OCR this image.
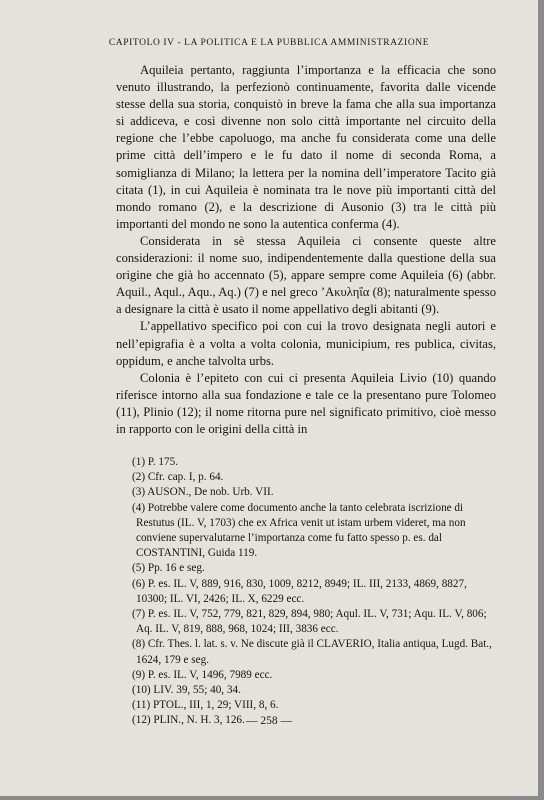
CAPITOLO IV - LA POLITICA E LA PUBBLICA AMMINISTRAZIONE

Aquileia pertanto, raggiunta l’importanza e la efficacia che sono venuto illustrando, la perfezionò continuamente, favorita dalle vicende stesse della sua storia, conquistò in breve la fama che alla sua importanza si addiceva, e così divenne non solo città importante nel circuito della regione che l’ebbe capoluogo, ma anche fu considerata come una delle prime città dell’impero e le fu dato il nome di seconda Roma, a somiglianza di Milano; la lettera per la nomina dell’imperatore Tacito già citata (1), in cui Aquileia è nominata tra le nove più importanti città del mondo romano (2), e la descrizione di Ausonio (3) tra le città più importanti del mondo ne sono la autentica conferma (4).

Considerata in sè stessa Aquileia ci consente queste altre considerazioni: il nome suo, indipendentemente dalla questione della sua origine che già ho accennato (5), appare sempre come Aquileia (6) (abbr. Aquil., Aqul., Aqu., Aq.) (7) e nel greco ’Ακυληΐα (8); naturalmente spesso a designare la città è usato il nome appellativo degli abitanti (9).

L’appellativo specifico poi con cui la trovo designata negli autori e nell’epigrafia è a volta a volta colonia, municipium, res publica, civitas, oppidum, e anche talvolta urbs.

Colonia è l’epiteto con cui ci presenta Aquileia Livio (10) quando riferisce intorno alla sua fondazione e tale ce la presentano pure Tolomeo (11), Plinio (12); il nome ritorna pure nel significato primitivo, cioè messo in rapporto con le origini della città in

(1) P. 175.

(2) Cfr. cap. I, p. 64.

(3) AUSON., De nob. Urb. VII.

(4) Potrebbe valere come documento anche la tanto celebrata iscrizione di Restutus (IL. V, 1703) che ex Africa venit ut istam urbem videret, ma non conviene supervalutarne l’importanza come fu fatto spesso p. es. dal COSTANTINI, Guida 119.

(5) Pp. 16 e seg.

(6) P. es. IL. V, 889, 916, 830, 1009, 8212, 8949; IL. III, 2133, 4869, 8827, 10300; IL. VI, 2426; IL. X, 6229 ecc.

(7) P. es. IL. V, 752, 779, 821, 829, 894, 980; Aqul. IL. V, 731; Aqu. IL. V, 806; Aq. IL. V, 819, 888, 968, 1024; III, 3836 ecc.

(8) Cfr. Thes. l. lat. s. v. Ne discute già il CLAVERIO, Italia antiqua, Lugd. Bat., 1624, 179 e seg.

(9) P. es. IL. V, 1496, 7989 ecc.

(10) LIV. 39, 55; 40, 34.

(11) PTOL., III, 1, 29; VIII, 8, 6.

(12) PLIN., N. H. 3, 126. — 258 —
